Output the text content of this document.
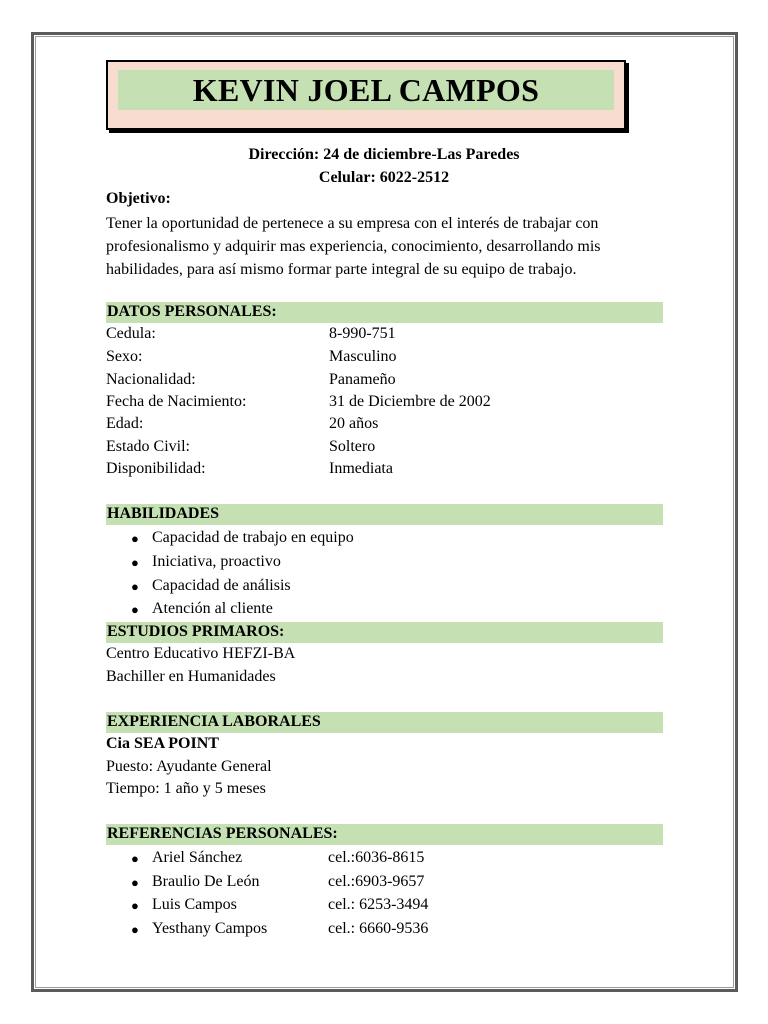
KEVIN JOEL CAMPOS
Dirección: 24 de diciembre-Las Paredes
Celular: 6022-2512
Objetivo:
Tener la oportunidad de pertenece a su empresa con el interés de trabajar con
profesionalismo y adquirir mas experiencia, conocimiento, desarrollando mis
habilidades, para así mismo formar parte integral de su equipo de trabajo.
DATOS PERSONALES:
Cedula:	8-990-751
Sexo:	Masculino
Nacionalidad:	Panameño
Fecha de Nacimiento:	31 de Diciembre de 2002
Edad:	20 años
Estado Civil:	Soltero
Disponibilidad:	Inmediata
HABILIDADES
● Capacidad de trabajo en equipo
● Iniciativa, proactivo
● Capacidad de análisis
● Atención al cliente
ESTUDIOS PRIMAROS:
Centro Educativo HEFZI-BA
Bachiller en Humanidades
EXPERIENCIA LABORALES
Cia SEA POINT
Puesto: Ayudante General
Tiempo: 1 año y 5 meses
REFERENCIAS PERSONALES:
● Ariel Sánchez	cel.:6036-8615
● Braulio De León	cel.:6903-9657
● Luis Campos	cel.: 6253-3494
● Yesthany Campos	cel.: 6660-9536
